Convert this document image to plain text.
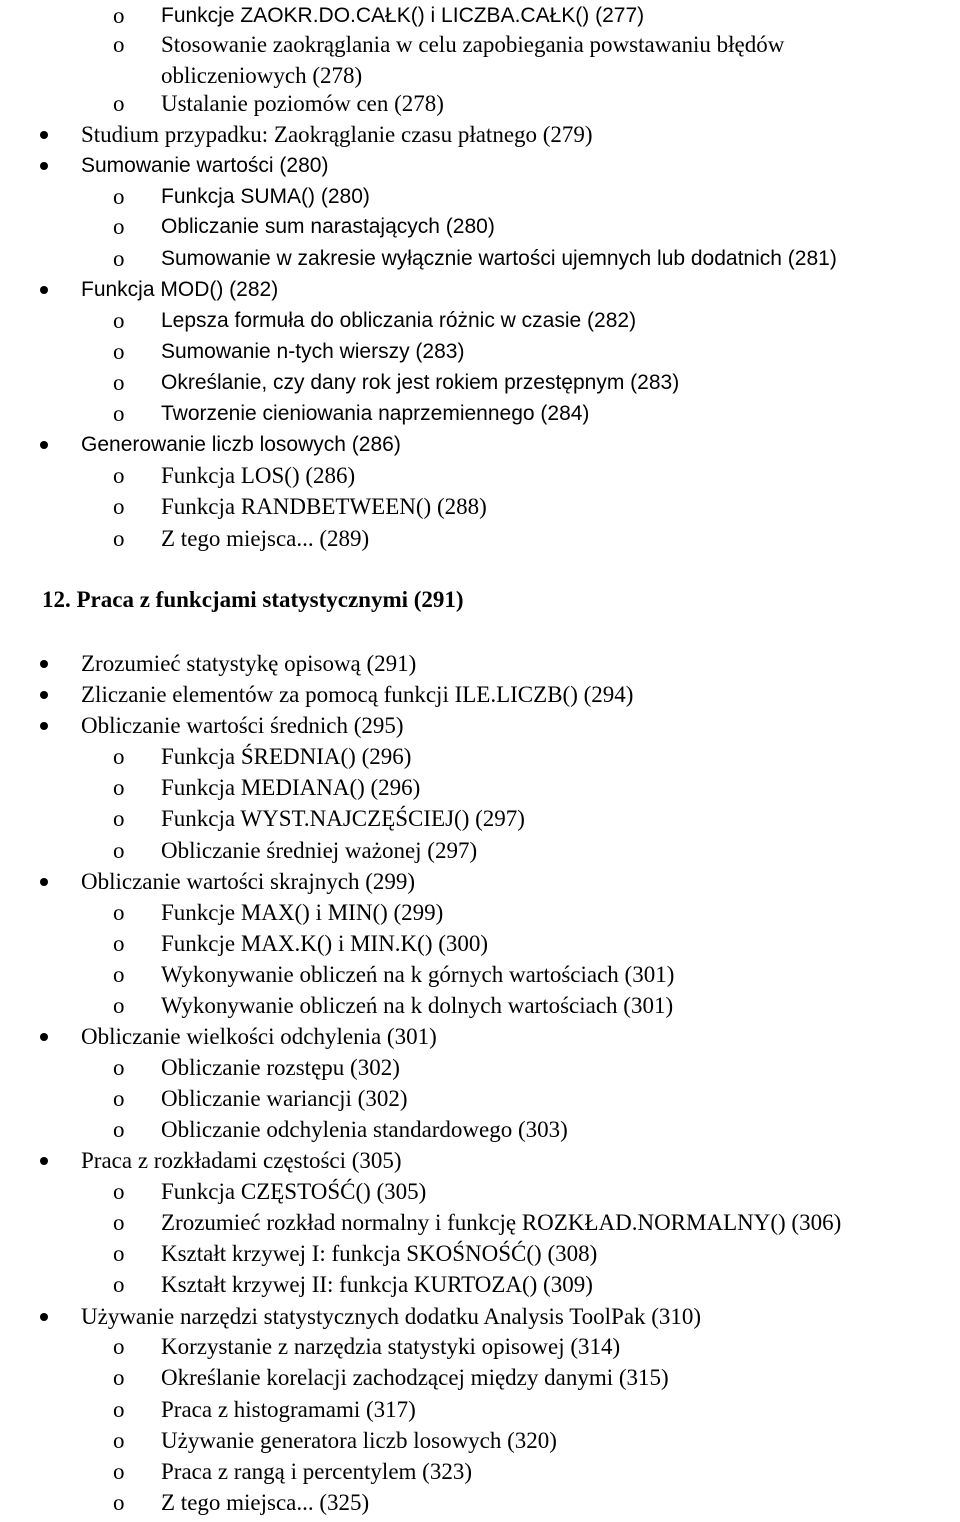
o Funkcje ZAOKR.DO.CAŁK() i LICZBA.CAŁK() (277)
o Stosowanie zaokrąglania w celu zapobiegania powstawaniu błędów
obliczeniowych (278)
o Ustalanie poziomów cen (278)
Studium przypadku: Zaokrąglanie czasu płatnego (279)
Sumowanie wartości (280)
o Funkcja SUMA() (280)
o Obliczanie sum narastających (280)
o Sumowanie w zakresie wyłącznie wartości ujemnych lub dodatnich (281)
Funkcja MOD() (282)
o Lepsza formuła do obliczania różnic w czasie (282)
o Sumowanie n-tych wierszy (283)
o Określanie, czy dany rok jest rokiem przestępnym (283)
o Tworzenie cieniowania naprzemiennego (284)
Generowanie liczb losowych (286)
o Funkcja LOS() (286)
o Funkcja RANDBETWEEN() (288)
o Z tego miejsca... (289)
12. Praca z funkcjami statystycznymi (291)
Zrozumieć statystykę opisową (291)
Zliczanie elementów za pomocą funkcji ILE.LICZB() (294)
Obliczanie wartości średnich (295)
o Funkcja ŚREDNIA() (296)
o Funkcja MEDIANA() (296)
o Funkcja WYST.NAJCZĘŚCIEJ() (297)
o Obliczanie średniej ważonej (297)
Obliczanie wartości skrajnych (299)
o Funkcje MAX() i MIN() (299)
o Funkcje MAX.K() i MIN.K() (300)
o Wykonywanie obliczeń na k górnych wartościach (301)
o Wykonywanie obliczeń na k dolnych wartościach (301)
Obliczanie wielkości odchylenia (301)
o Obliczanie rozstępu (302)
o Obliczanie wariancji (302)
o Obliczanie odchylenia standardowego (303)
Praca z rozkładami częstości (305)
o Funkcja CZĘSTOŚĆ() (305)
o Zrozumieć rozkład normalny i funkcję ROZKŁAD.NORMALNY() (306)
o Kształt krzywej I: funkcja SKOŚNOŚĆ() (308)
o Kształt krzywej II: funkcja KURTOZA() (309)
Używanie narzędzi statystycznych dodatku Analysis ToolPak (310)
o Korzystanie z narzędzia statystyki opisowej (314)
o Określanie korelacji zachodzącej między danymi (315)
o Praca z histogramami (317)
o Używanie generatora liczb losowych (320)
o Praca z rangą i percentylem (323)
o Z tego miejsca... (325)
